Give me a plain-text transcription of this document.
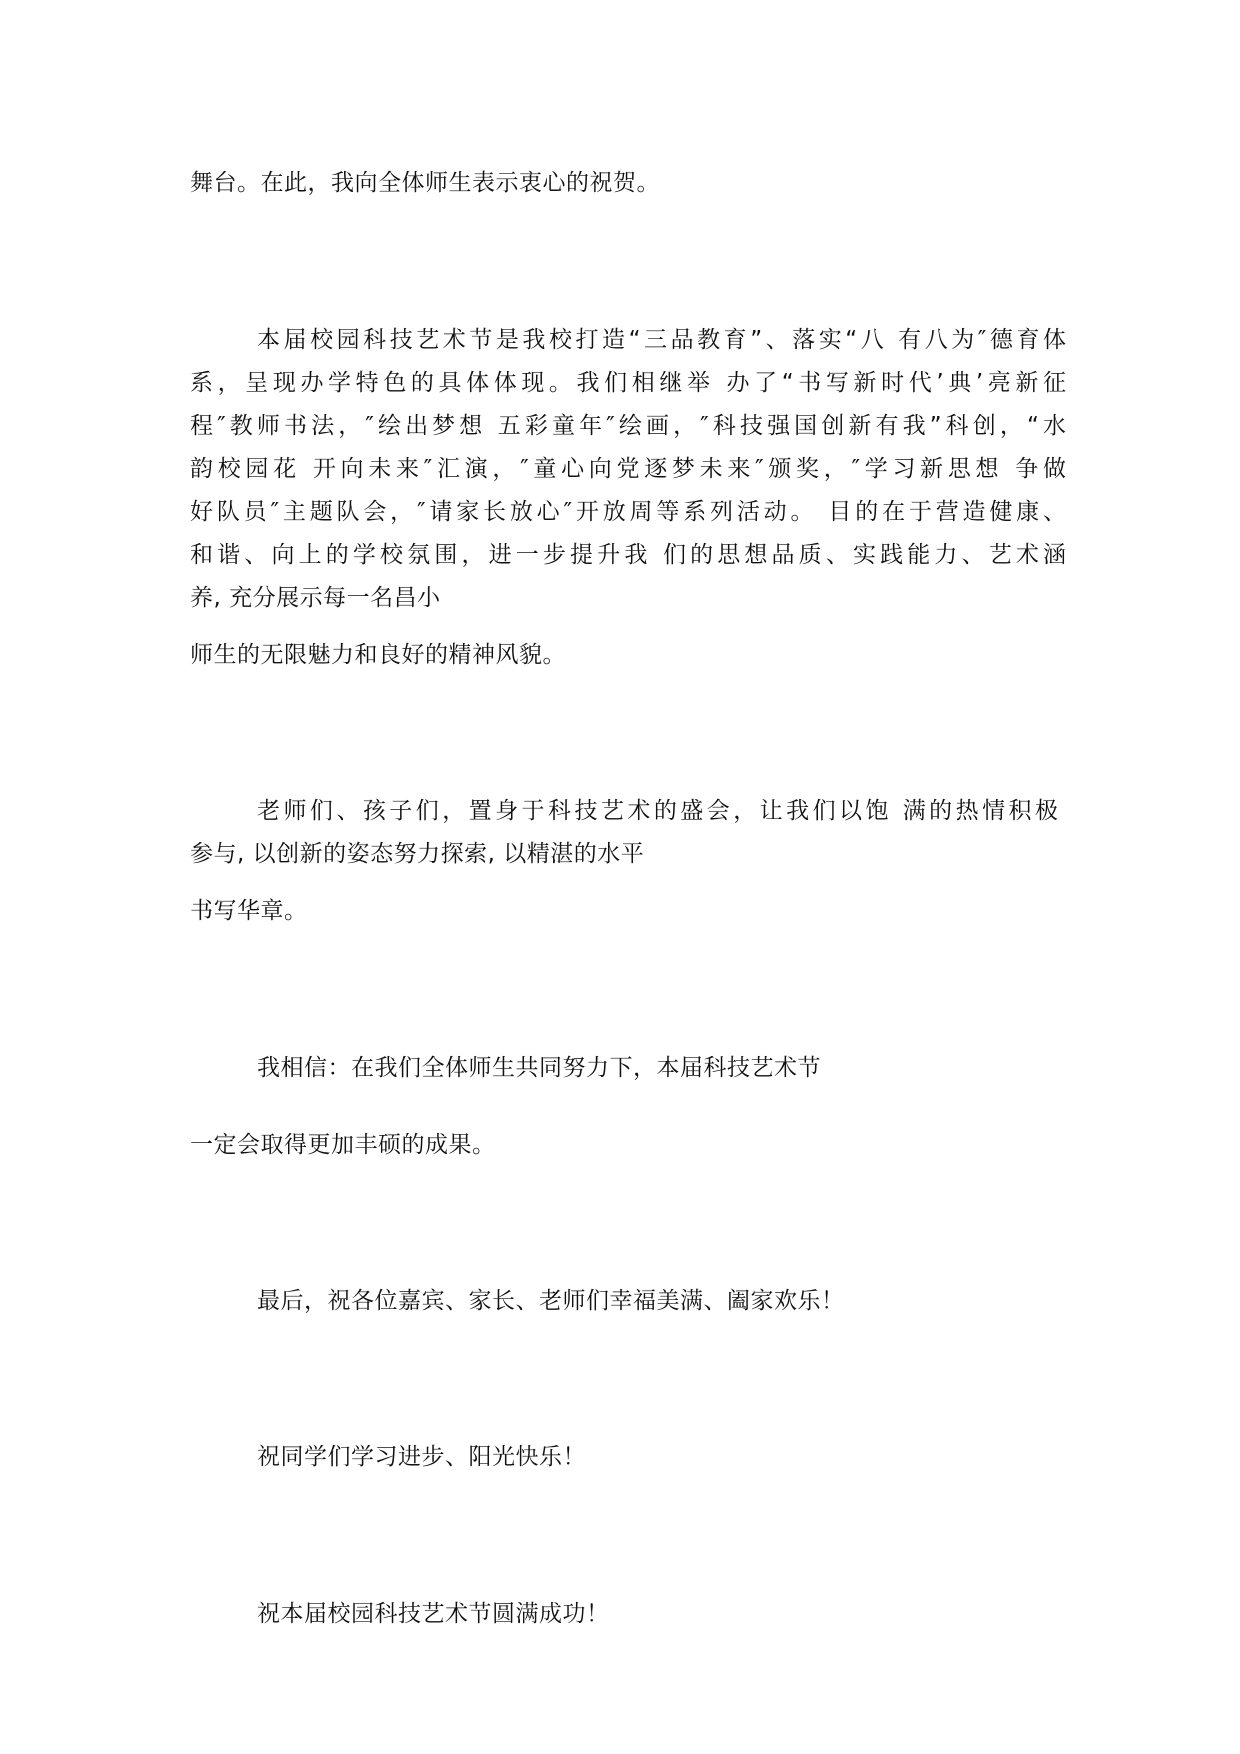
舞台。在此，我向全体师生表示衷心的祝贺。

本届校园科技艺术节是我校打造“三品教育”、落实“八 有八为″德育体

系，呈现办学特色的具体体现。我们相继举 办了“书写新时代’典’亮新征

程″教师书法，″绘出梦想 五彩童年″绘画，″科技强国创新有我”科创，“水

韵校园花 开向未来″汇演，″童心向党逐梦未来″颁奖，″学习新思想 争做

好队员″主题队会，″请家长放心″开放周等系列活动。 目的在于营造健康、

和谐、向上的学校氛围，进一步提升我 们的思想品质、实践能力、艺术涵

养, 充分展示每一名昌小

师生的无限魅力和良好的精神风貌。

老师们、孩子们，置身于科技艺术的盛会，让我们以饱 满的热情积极

参与, 以创新的姿态努力探索, 以精湛的水平

书写华章。

我相信：在我们全体师生共同努力下，本届科技艺术节

一定会取得更加丰硕的成果。

最后，祝各位嘉宾、家长、老师们幸福美满、阖家欢乐！

祝同学们学习进步、阳光快乐！

祝本届校园科技艺术节圆满成功！
